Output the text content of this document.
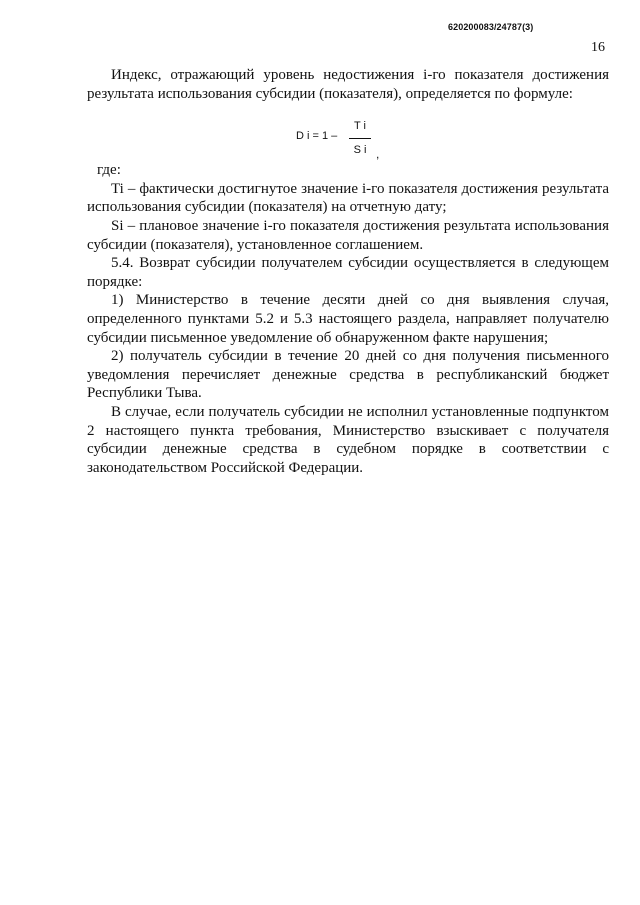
620200083/24787(3)
16

Индекс, отражающий уровень недостижения i-го показателя достижения результата использования субсидии (показателя), определяется по формуле:

D $i = 1 - \frac{\text{T i}}{\text{S i}}$ ,

где:

Ti – фактически достигнутое значение i-го показателя достижения результата использования субсидии (показателя) на отчетную дату;

Si – плановое значение i-го показателя достижения результата использования субсидии (показателя), установленное соглашением.

5.4. Возврат субсидии получателем субсидии осуществляется в следующем порядке:

1) Министерство в течение десяти дней со дня выявления случая, определенного пунктами 5.2 и 5.3 настоящего раздела, направляет получателю субсидии письменное уведомление об обнаруженном факте нарушения;

2) получатель субсидии в течение 20 дней со дня получения письменного уведомления перечисляет денежные средства в республиканский бюджет Республики Тыва.

В случае, если получатель субсидии не исполнил установленные подпунктом 2 настоящего пункта требования, Министерство взыскивает с получателя субсидии денежные средства в судебном порядке в соответствии с законодательством Российской Федерации.
